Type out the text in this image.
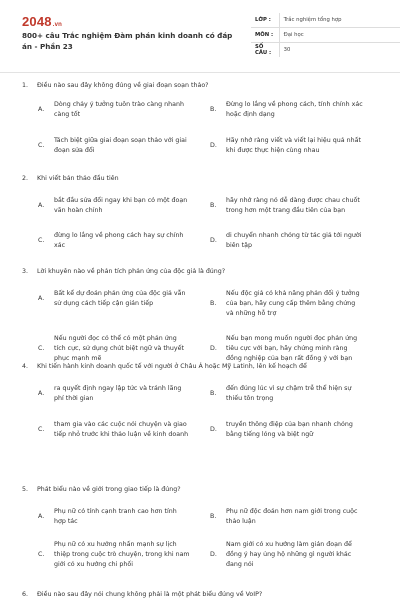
2048.vn
800+ câu Trắc nghiệm Đàm phán kinh doanh có đáp án - Phần 23
LỚP :	Trắc nghiệm tổng hợp
MÔN :	Đại học
SỐ CÂU :	30
1.	Điều nào sau đây không đúng về giai đoạn soạn thảo?
A.
Dòng chảy ý tưởng tuôn trào càng nhanh
càng tốt
B.
Đừng lo lắng về phong cách, tính chính xác
hoặc định dạng
C.
Tách biệt giữa giai đoạn soạn thảo với giai
đoạn sửa đổi
D.
Hãy nhớ ràng viết và viết lại hiệu quả nhất
khi được thực hiện cùng nhau
2.	Khi viết bản thảo đầu tiên
A.
bắt đầu sửa đổi ngay khi bạn có một đoạn
văn hoàn chỉnh
B.
hãy nhớ ràng nó dễ dàng được chau chuốt
trong hơn một trang đầu tiên của bạn
C.
đừng lo lắng về phong cách hay sự chính
xác
D.
di chuyển nhanh chóng từ tác giả tới người
biên tập
3.	Lời khuyên nào về phản tích phản ứng của độc giả là đúng?
A.
Bất kể dự đoán phản ứng của độc giả vẫn
sử dụng cách tiếp cận gián tiếp	B.
Nếu độc giả có khả năng phản đối ý tưởng
của bạn, hãy cung cấp thêm bằng chứng
và những hỗ trợ
C.
Nếu người đọc có thể có một phản ứng
tích cực, sử dụng chút biệt ngữ và thuyết
phục mạnh mẽ
D.
Nếu bạn mong muốn người đọc phản ứng
tiêu cực với bạn, hãy chứng minh ràng
đồng nghiệp của bạn rất đồng ý với bạn
4.	Khi tiến hành kinh doanh quốc tế với người ở Châu Á hoặc Mỹ Latinh, lên kế hoạch để
A.
ra quyết định ngay lập tức và tránh lãng
phí thời gian
B.
đến đúng lúc vì sự chậm trễ thể hiện sự
thiếu tôn trọng
C.
tham gia vào các cuộc nói chuyện và giao
tiếp nhỏ trước khi thảo luận về kinh doanh
D.
truyền thông điệp của bạn nhanh chóng
bằng tiếng lóng và biệt ngữ
5.	Phát biểu nào về giới trong giao tiếp là đúng?
A.
Phụ nữ có tính cạnh tranh cao hơn tính
hợp tác
B.
Phụ nữ độc đoán hơn nam giới trong cuộc
thảo luận
C.
Phụ nữ có xu hướng nhấn mạnh sự lịch
thiệp trong cuộc trò chuyện, trong khi nam
giới có xu hướng chi phối
D.
Nam giới có xu hướng làm gián đoạn để
đồng ý hay ủng hộ những gì người khác
đang nói
6.	Điều nào sau đây nói chung không phải là một phát biểu đúng về VoIP?
